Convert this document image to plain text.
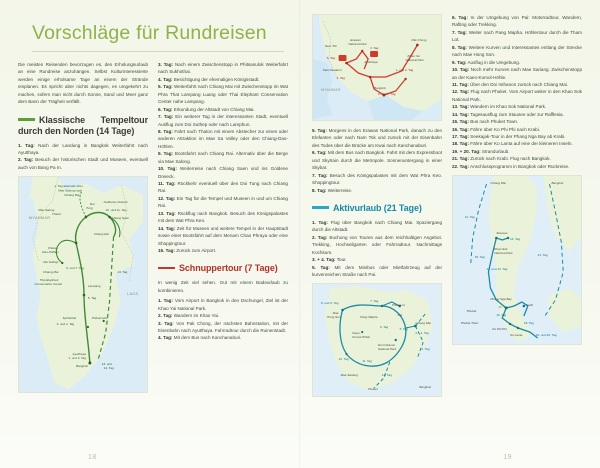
Vorschläge für Rundreisen

Die meisten Reisenden bevorzugen es, den Erholungsurlaub an eine Rundreise anzuhängen. Selbst Kulturinteressierte werden einige erholsame Tage an einem der Strände einplanen. Es spricht aber nichts dagegen, es umgekehrt zu machen, sofern man nicht durch Sonne, Sand und Meer ganz dem Bann der Trägheit verfällt.

Klassische Tempeltour durch den Norden (14 Tage)

1. Tag: Nach der Landung in Bangkok Weiterfahrt nach Ayutthaya.

2. Tag: Besuch der historischen Stadt und Museen, eventuell auch von Bang Pa In.

1. Tag alternativ über
Mae Salong nach
Chiang Rai
MYANMAR
Mae Salong
Thaton
Doi
Tung
Goldenes Dreieck
10. und 11. Tag
Chiang Saen
Chiang Rai
Chiang-
Dao-Höhlen
Doi Suthep
Chiang Mai
Thai Elephant
Conservation Center
6. und 7. Tag
Lampang
5. Tag
LAOS
13. Tag
Sukhothai
3. und 4. Tag
Phitsanulok
Ayutthaya
1. und 2. Tag
Bangkok	13. und
14. Tag

3. Tag: Nach einem Zwischenstopp in Phitsanulok Weiterfahrt nach Sukhothai.

4. Tag: Besichtigung der ehemaligen Königsstadt.

5. Tag: Weiterfahrt nach Chiang Mai mit Zwischenstopp im Wat Phra That Lampang Luang oder Thai Elephant Conservation Center nahe Lampang.

6. Tag: Erkundung der Altstadt von Chiang Mai.

7. Tag: Ein weiterer Tag in der interessanten Stadt, eventuell Ausflug zum Doi Suthep oder nach Lamphun.

8. Tag: Fahrt nach Thaton mit einem Abstecher zur einen oder anderen Attraktion im Mae Sa Valley oder den Chiang-Dao-Höhlen.

9. Tag: Bootsfahrt nach Chiang Rai. Alternativ über die Berge via Mae Salong.

10. Tag: Weiterreise nach Chiang Saen und ins Goldene Dreieck.

11. Tag: Rückkehr eventuell über den Doi Tung nach Chiang Rai.

12. Tag: Ein Tag für die Tempel und Museen in und um Chiang Rai.

13. Tag: Rückflug nach Bangkok. Besuch des Königspalastes mit dem Wat Phra Keo.

14. Tag: Zeit für Museen und weitere Tempel in der Hauptstadt sowie einer Bootsfahrt auf dem Menam Chao Phraya oder eine Shoppingtour.

15. Tag: Zurück zum Airport.

Schnuppertour (7 Tage)

In wenig Zeit viel sehen. Gut mit einem Badeurlaub zu kombinieren.

1. Tag: Vom Airport in Bangkok in den Dschungel, Ziel ist der Khao Yai National Park.

2. Tag: Wandern im Khao Yai.

3. Tag: Von Pak Chong, der nächsten Bahnstation, mit der Eisenbahn nach Ayutthaya. Fahrradtour durch die Ruinenstadt.

4. Tag: Mit dem Bus nach Kanchanaburi.

18
Erawan
National Park
Nam Tok
5. Tag
Kanchanaburi
4. Tag
MYANMAR
Ayutthaya
3. Tag
Bangkok
6. und 7. Tag
Pak Chong
Khao Yai
National Park
1. und 2. Tag

5. Tag: Morgens in den Erawan National Park, danach zu den Elefanten oder nach Nam Tok und zurück mit der Eisenbahn des Todes über die Brücke am Kwai nach Kanchanaburi.

6. Tag: Mit dem Bus nach Bangkok. Fahrt mit dem Expressboot und Skytrain durch die Metropole. Sonnenuntergang in einer Skybar.

7. Tag: Besuch des Königspalastes mit dem Wat Phra Keo. Shoppingtour.

8. Tag: Weiterreise.

Aktivurlaub (21 Tage)

1. Tag: Flug über Bangkok nach Chiang Mai. Spaziergang durch die Altstadt.

2. Tag: Buchung von Touren aus dem reichhaltigen Angebot. Trekking, Hochseilgarten oder Fahrradtour. Nachmittags Kochkurs.

3. + 4. Tag: Tour.

5. Tag: Mit dem Minibus oder Mietfahrzeug auf der kurvenreichen Straße nach Pai.

8. und 9. Tag
Mae
Hong Son
7. Tag
Pang Mapha
Tham Lot
Pai
6. Tag	5. Tag
Chiang Mai
2. - 4. Tag
Kaeo-
Komol-Höhle
Doi Inthanon
National Park
10. Tag	11. Tag
Mae Sariang
1. Tag
12. Tag
Phuket	Bangkok

6. Tag: In der Umgebung von Pai: Motorradtour, Wandern, Rafting oder Trekking.

7. Tag: Weiter nach Pang Mapha. Höhlentour durch die Tham Lot.

8. Tag: Weitere Kurven und Interessantes entlang der Strecke nach Mae Hong Son.

9. Tag: Ausflug in die Umgebung.

10. Tag: Noch mehr Kurven nach Mae Sariang. Zwischenstopp an der Kaeo-Komol-Höhle.

11. Tag: Über den Doi Inthanon zurück nach Chiang Mai.

12. Tag: Flug nach Phuket. Vom Airport weiter in den Khao Sok National Park.

13. Tag: Wandern im Khao Sok National Park.

14. Tag: Tagesausflug zum Stausee oder zur Rafflesia.

15. Tag: Bus nach Phuket Town.

16. Tag: Fähre über Ko Phi Phi nach Krabi.

17. Tag: Seekajak-Tour in der Phang Nga Bay ab Krabi.

18. Tag: Fähre über Ko Lanta auf eine der kleineren Inseln.

19. + 20. Tag: Strandurlaub.

21. Tag: Zurück nach Krabi. Flug nach Bangkok.

22. Tag: Anschlussprogramm in Bangkok oder Rückreise.

Chiang Mai	Bangkok
12. Tag
Stausee
14. Tag
Khao Sok
National Park
15. Tag
12. und 13. Tag
21. Tag
Phang Nga Bay
17. Tag	Krabi
Phuket
16. Tag
Phuket Town
Ko Phi Phi
18. Tag
Ko Lanta	19. und 20. Tag

19
